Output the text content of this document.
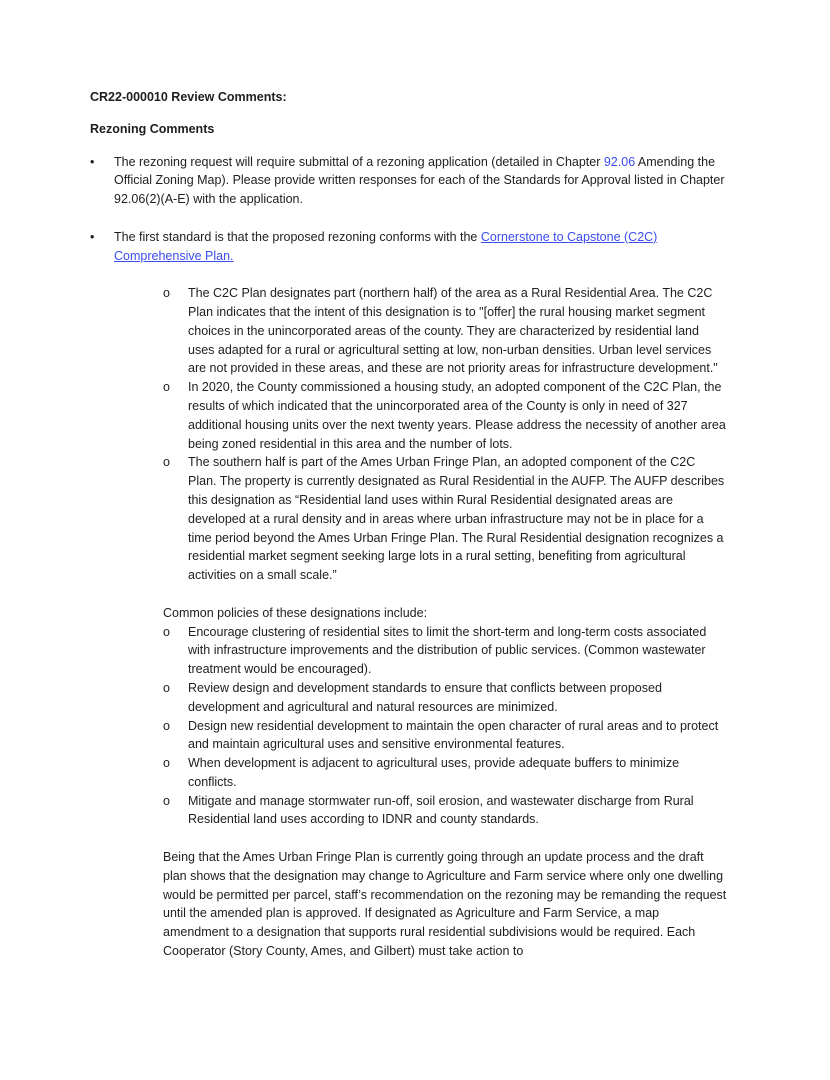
CR22-000010 Review Comments:

Rezoning Comments

•	The rezoning request will require submittal of a rezoning application (detailed in Chapter 92.06 Amending the Official Zoning Map). Please provide written responses for each of the Standards for Approval listed in Chapter 92.06(2)(A-E) with the application.
•	The first standard is that the proposed rezoning conforms with the Cornerstone to Capstone (C2C) Comprehensive Plan.
o	The C2C Plan designates part (northern half) of the area as a Rural Residential Area. The C2C Plan indicates that the intent of this designation is to "[offer] the rural housing market segment choices in the unincorporated areas of the county. They are characterized by residential land uses adapted for a rural or agricultural setting at low, non-urban densities. Urban level services are not provided in these areas, and these are not priority areas for infrastructure development."
o	In 2020, the County commissioned a housing study, an adopted component of the C2C Plan, the results of which indicated that the unincorporated area of the County is only in need of 327 additional housing units over the next twenty years. Please address the necessity of another area being zoned residential in this area and the number of lots.
o	The southern half is part of the Ames Urban Fringe Plan, an adopted component of the C2C Plan. The property is currently designated as Rural Residential in the AUFP. The AUFP describes this designation as “Residential land uses within Rural Residential designated areas are developed at a rural density and in areas where urban infrastructure may not be in place for a time period beyond the Ames Urban Fringe Plan. The Rural Residential designation recognizes a residential market segment seeking large lots in a rural setting, benefiting from agricultural activities on a small scale.”

Common policies of these designations include:

o	Encourage clustering of residential sites to limit the short-term and long-term costs associated with infrastructure improvements and the distribution of public services. (Common wastewater treatment would be encouraged).
o	Review design and development standards to ensure that conflicts between proposed development and agricultural and natural resources are minimized.
o	Design new residential development to maintain the open character of rural areas and to protect and maintain agricultural uses and sensitive environmental features.
o	When development is adjacent to agricultural uses, provide adequate buffers to minimize conflicts.
o	Mitigate and manage stormwater run-off, soil erosion, and wastewater discharge from Rural Residential land uses according to IDNR and county standards.

Being that the Ames Urban Fringe Plan is currently going through an update process and the draft plan shows that the designation may change to Agriculture and Farm service where only one dwelling would be permitted per parcel, staff’s recommendation on the rezoning may be remanding the request until the amended plan is approved. If designated as Agriculture and Farm Service, a map amendment to a designation that supports rural residential subdivisions would be required. Each Cooperator (Story County, Ames, and Gilbert) must take action to
